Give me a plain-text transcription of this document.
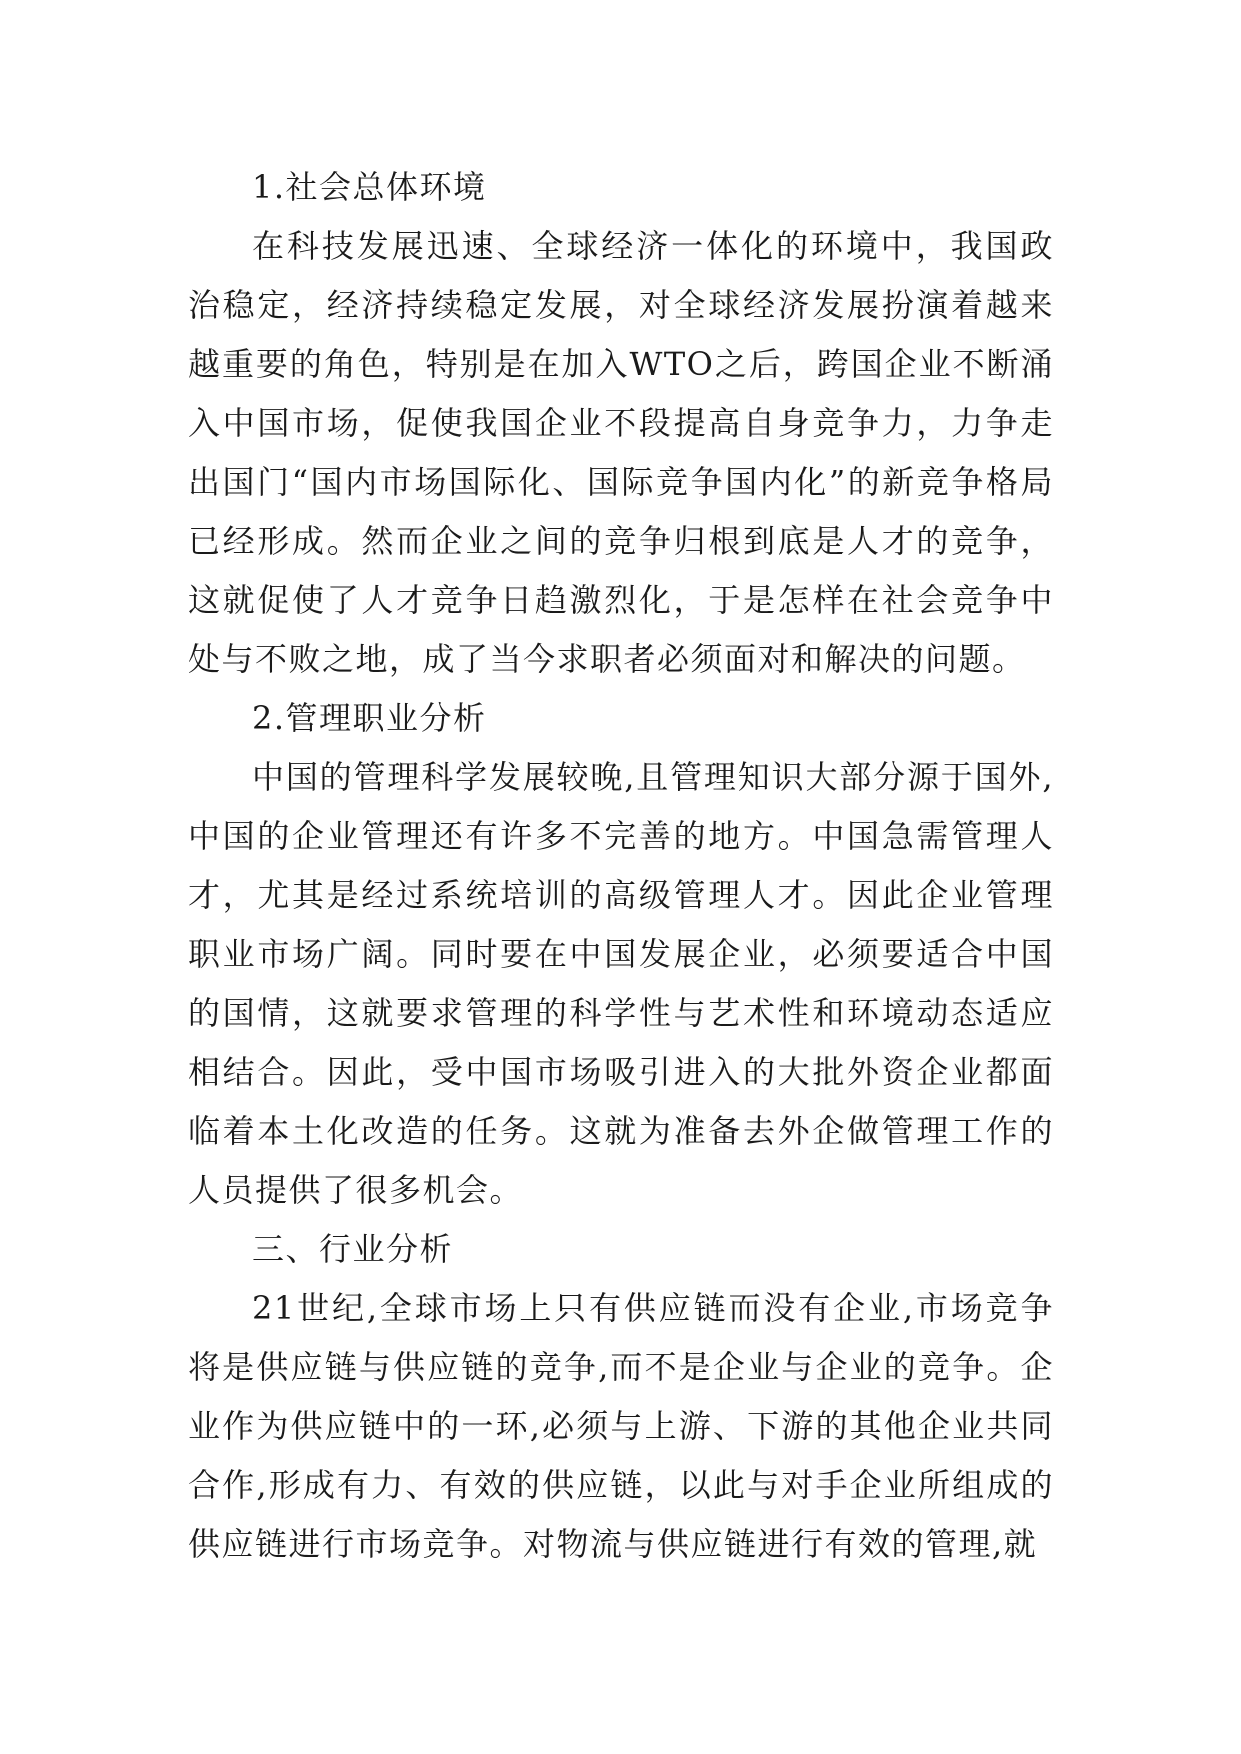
1.社会总体环境

在科技发展迅速、全球经济一体化的环境中，我国政治稳定，经济持续稳定发展，对全球经济发展扮演着越来越重要的角色，特别是在加入WTO之后，跨国企业不断涌入中国市场，促使我国企业不段提高自身竞争力，力争走出国门“国内市场国际化、国际竞争国内化”的新竞争格局已经形成。然而企业之间的竞争归根到底是人才的竞争，这就促使了人才竞争日趋激烈化，于是怎样在社会竞争中处与不败之地，成了当今求职者必须面对和解决的问题。

2.管理职业分析

中国的管理科学发展较晚,且管理知识大部分源于国外,中国的企业管理还有许多不完善的地方。中国急需管理人才，尤其是经过系统培训的高级管理人才。因此企业管理职业市场广阔。同时要在中国发展企业，必须要适合中国的国情，这就要求管理的科学性与艺术性和环境动态适应相结合。因此，受中国市场吸引进入的大批外资企业都面临着本土化改造的任务。这就为准备去外企做管理工作的人员提供了很多机会。

三、行业分析

21世纪,全球市场上只有供应链而没有企业,市场竞争将是供应链与供应链的竞争,而不是企业与企业的竞争。企业作为供应链中的一环,必须与上游、下游的其他企业共同合作,形成有力、有效的供应链，以此与对手企业所组成的供应链进行市场竞争。对物流与供应链进行有效的管理,就
